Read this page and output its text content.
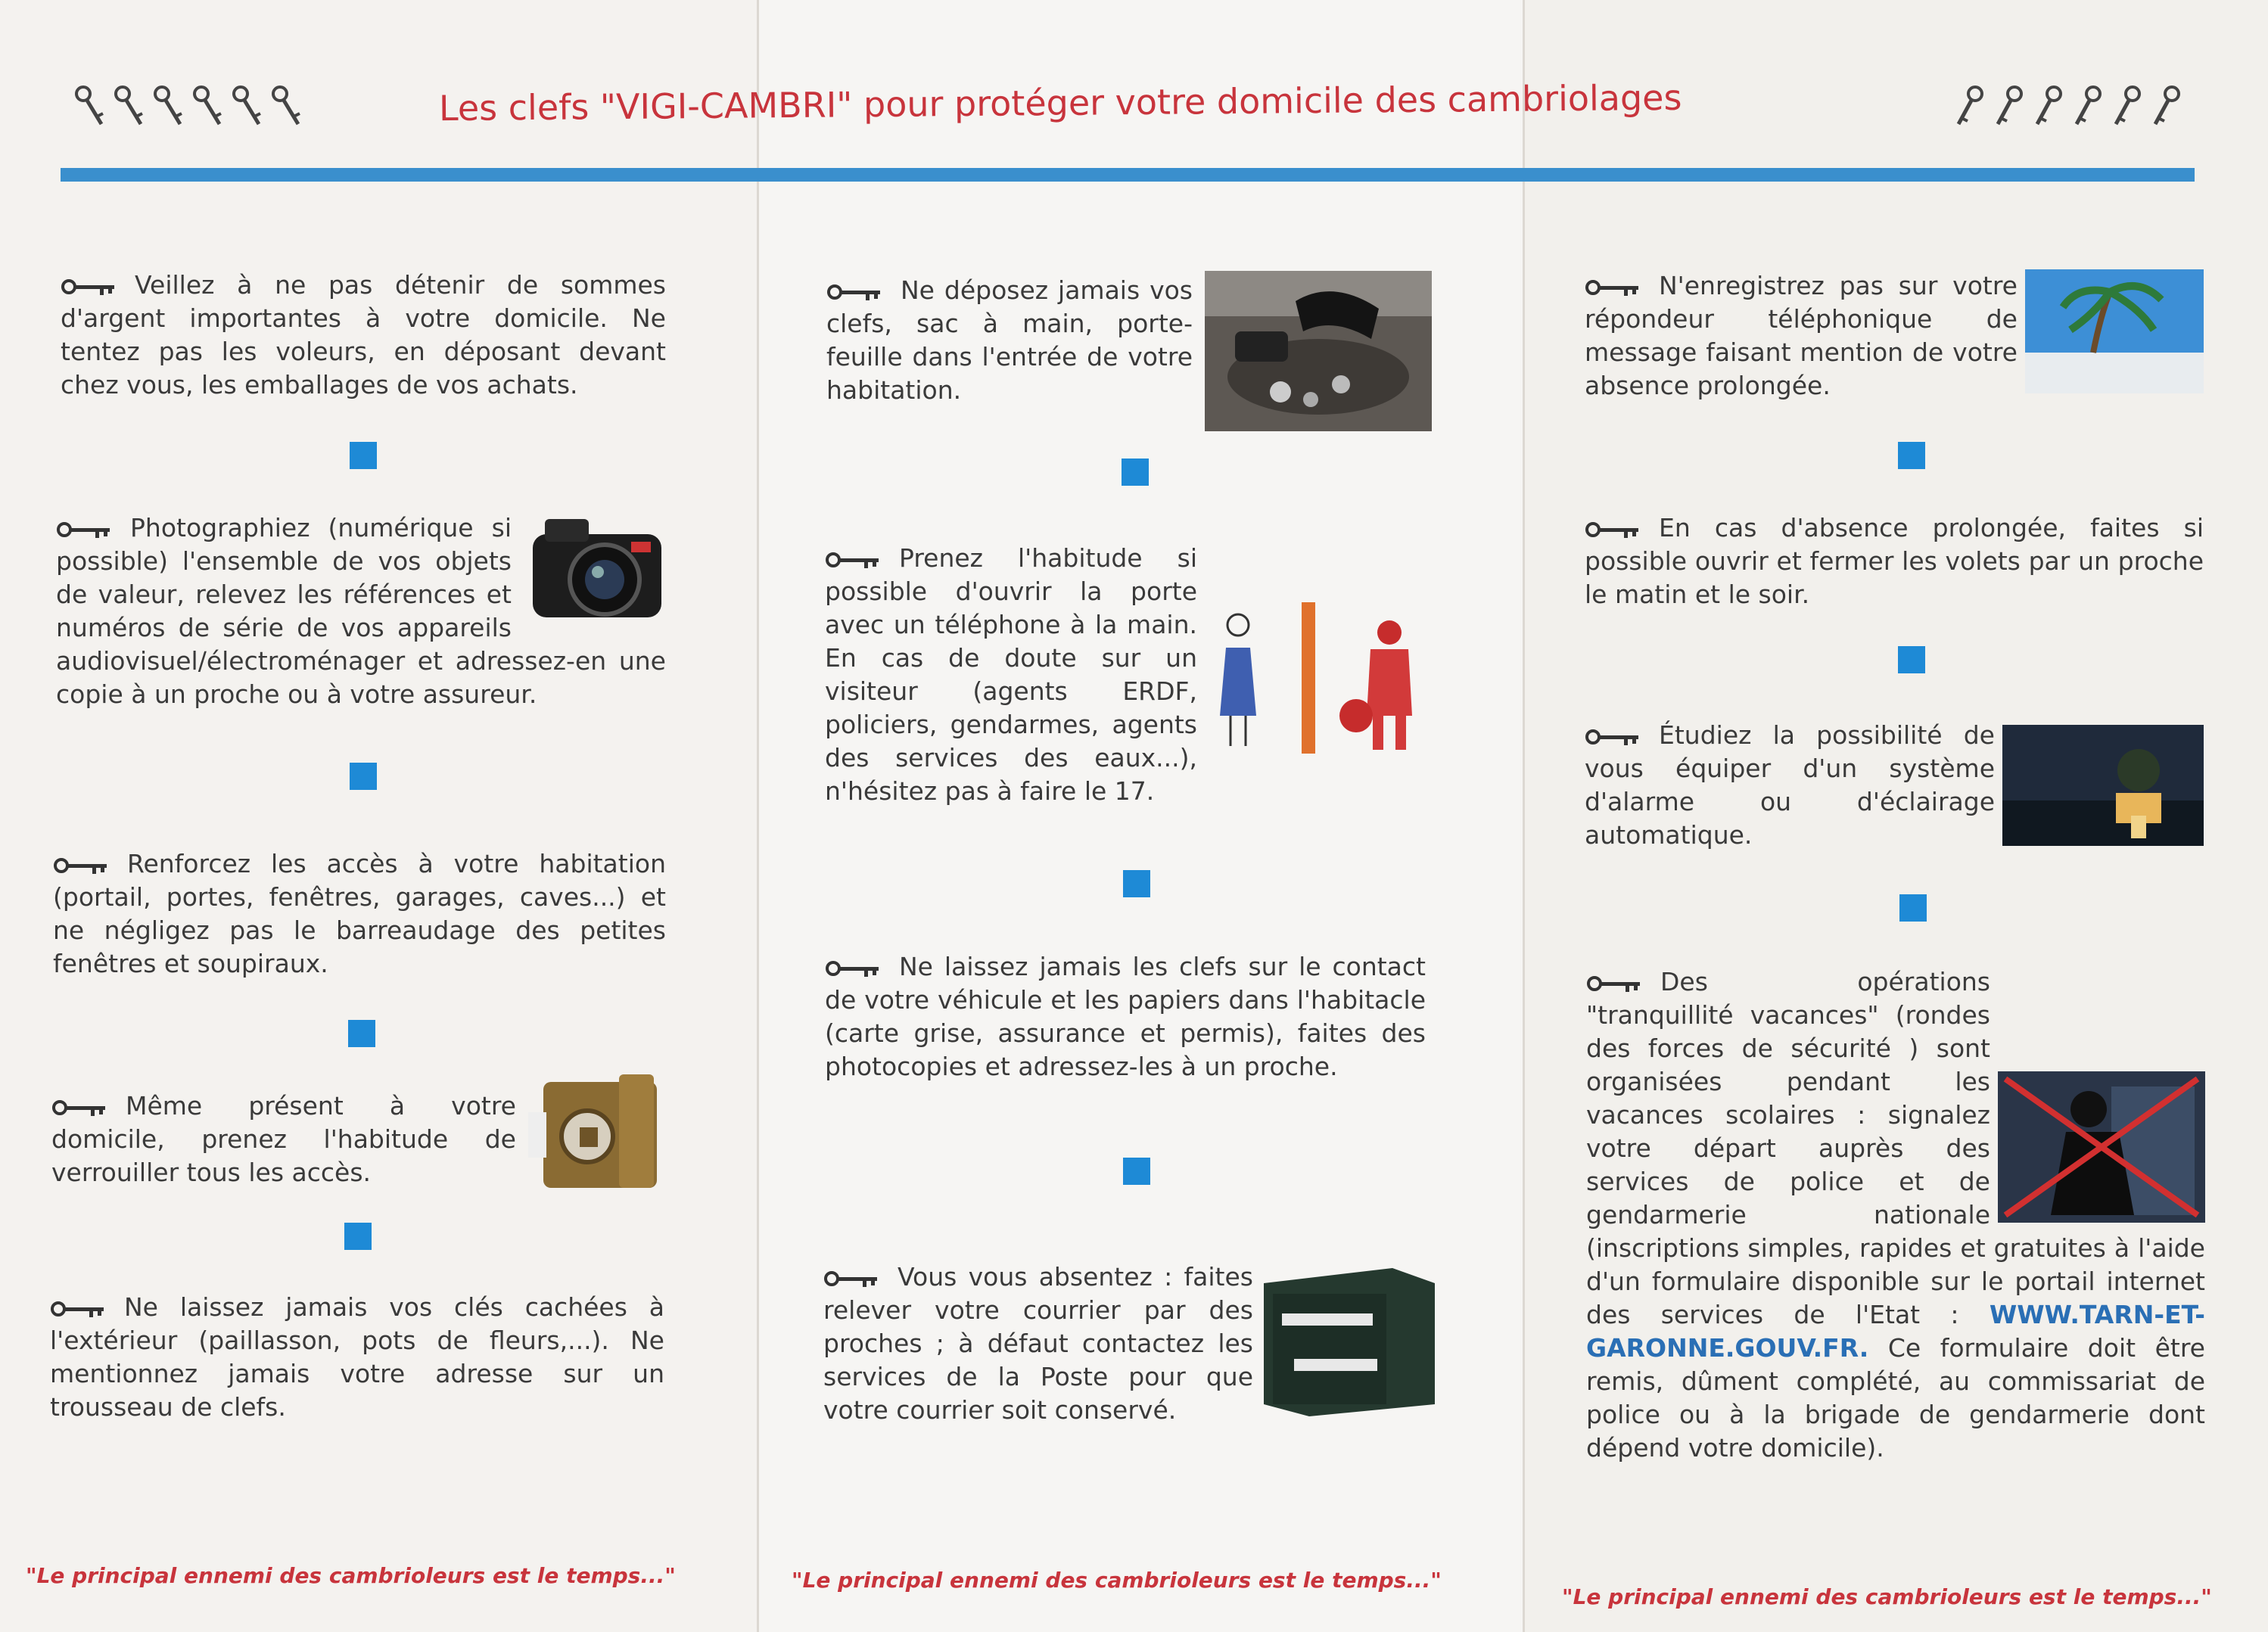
Les clefs "VIGI-CAMBRI" pour protéger votre domicile des cambriolages
Veillez à ne pas détenir de sommes d'argent importantes à votre domicile. Ne tentez pas les voleurs, en déposant devant chez vous, les emballages de vos achats.
Photographiez (numérique si possible) l'ensemble de vos objets de valeur, relevez les références et numéros de série de vos appareils audiovisuel/électroménager et adressez-en une copie à un proche ou à votre assureur.
Renforcez les accès à votre habitation (portail, portes, fenêtres, garages, caves...) et ne négligez pas le barreaudage des petites fenêtres et soupiraux.
Même présent à votre domicile, prenez l'habitude de verrouiller tous les accès.
Ne laissez jamais vos clés cachées à l'extérieur (paillasson, pots de fleurs,...). Ne mentionnez jamais votre adresse sur un trousseau de clefs.
"Le principal ennemi des cambrioleurs est le temps..."
Ne déposez jamais vos clefs, sac à main, porte-feuille dans l'entrée de votre habitation.
Prenez l'habitude si possible d'ouvrir la porte avec un téléphone à la main. En cas de doute sur un visiteur (agents ERDF, policiers, gendarmes, agents des services des eaux...), n'hésitez pas à faire le 17.
Ne laissez jamais les clefs sur le contact de votre véhicule et les papiers dans l'habitacle (carte grise, assurance et permis), faites des photocopies et adressez-les à un proche.
Vous vous absentez : faites relever votre courrier par des proches ; à défaut contactez les services de la Poste pour que votre courrier soit conservé.
"Le principal ennemi des cambrioleurs est le temps..."
N'enregistrez pas sur votre répondeur téléphonique de message faisant mention de votre absence prolongée.
En cas d'absence prolongée, faites si possible ouvrir et fermer les volets par un proche le matin et le soir.
Étudiez la possibilité de vous équiper d'un système d'alarme ou d'éclairage automatique.
Des opérations "tranquillité vacances" (rondes des forces de sécurité ) sont organisées pendant les vacances scolaires : signalez votre départ auprès des services de police et de gendarmerie nationale (inscriptions simples, rapides et gratuites à l'aide d'un formulaire disponible sur le portail internet des services de l'Etat : WWW.TARN-ET-GARONNE.GOUV.FR. Ce formulaire doit être remis, dûment complété, au commissariat de police ou à la brigade de gendarmerie dont dépend votre domicile).
"Le principal ennemi des cambrioleurs est le temps..."
